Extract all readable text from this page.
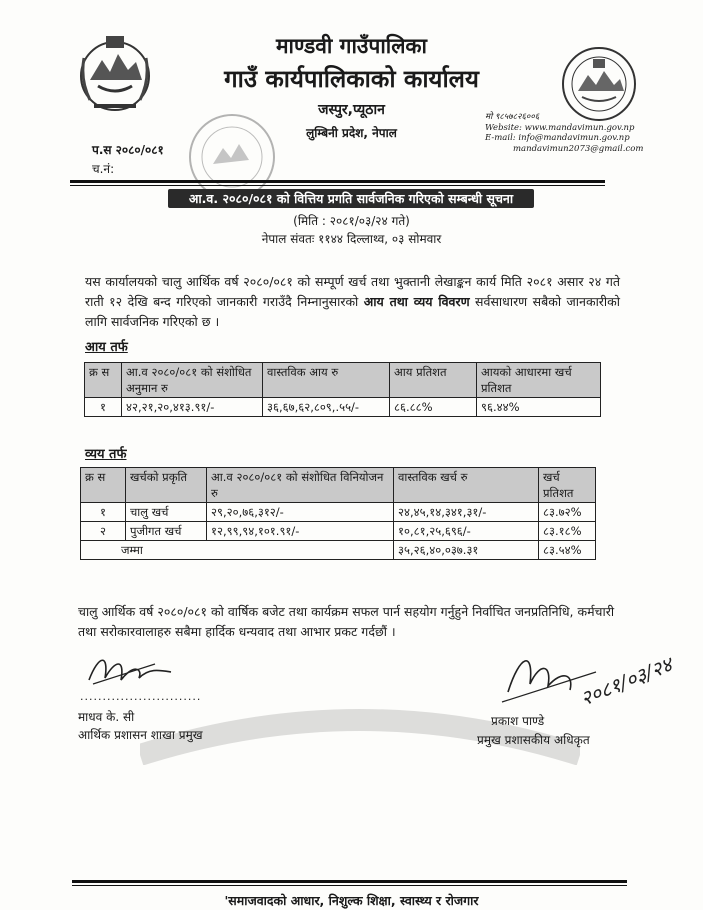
माण्डवी गाउँपालिका
गाउँ कार्यपालिकाको कार्यालय
जस्पुर,प्यूठान
लुम्बिनी प्रदेश, नेपाल
मो ९८५७८२६००६
Website: www.mandavimun.gov.np
E-mail: info@mandavimun.gov.np
mandavimun2073@gmail.com
प.स २०८०/०८१
च.नं:
आ.व. २०८०/०८१ को वित्तिय प्रगति सार्वजनिक गरिएको सम्बन्धी सूचना
(मिति : २०८१/०३/२४ गते)
नेपाल संवतः ११४४ दिल्लाथ्व, ०३ सोमवार
यस कार्यालयको चालु आर्थिक वर्ष २०८०/०८१ को सम्पूर्ण खर्च तथा भुक्तानी लेखाङ्कन कार्य मिति २०८१ असार २४ गते राती १२ देखि बन्द गरिएको जानकारी गराउँदै निम्नानुसारको आय तथा व्यय विवरण सर्वसाधारण सबैको जानकारीको लागि सार्वजनिक गरिएको छ ।
आय तर्फ
क्र स	आ.व २०८०/०८१ को संशोधित अनुमान रु	वास्तविक आय रु	आय प्रतिशत	आयको आधारमा खर्च प्रतिशत
१	४२,२१,२०,४१३.९१/-	३६,६७,६२,८०९,.५५/-	८६.८८%	९६.४४%
व्यय तर्फ
क्र स	खर्चको प्रकृति	आ.व २०८०/०८१ को संशोधित विनियोजन रु	वास्तविक खर्च रु	खर्च प्रतिशत
१	चालु खर्च	२९,२०,७६,३१२/-	२४,४५,१४,३४१,३१/-	८३.७२%
२	पुजीगत खर्च	१२,९९,९४,१०१.९१/-	१०,८१,२५,६९६/-	८३.१८%
जम्मा			३५,२६,४०,०३७.३१	८३.५४%
चालु आर्थिक वर्ष २०८०/०८१ को वार्षिक बजेट तथा कार्यक्रम सफल पार्न सहयोग गर्नुहुने निर्वाचित जनप्रतिनिधि, कर्मचारी तथा सरोकारवालाहरु सबैमा हार्दिक धन्यवाद तथा आभार प्रकट गर्दछौं ।
...........................
माधव के. सी
आर्थिक प्रशासन शाखा प्रमुख
२०८१/०३/२४
प्रकाश पाण्डे
प्रमुख प्रशासकीय अधिकृत
'समाजवादको आधार, निशुल्क शिक्षा, स्वास्थ्य र रोजगार
